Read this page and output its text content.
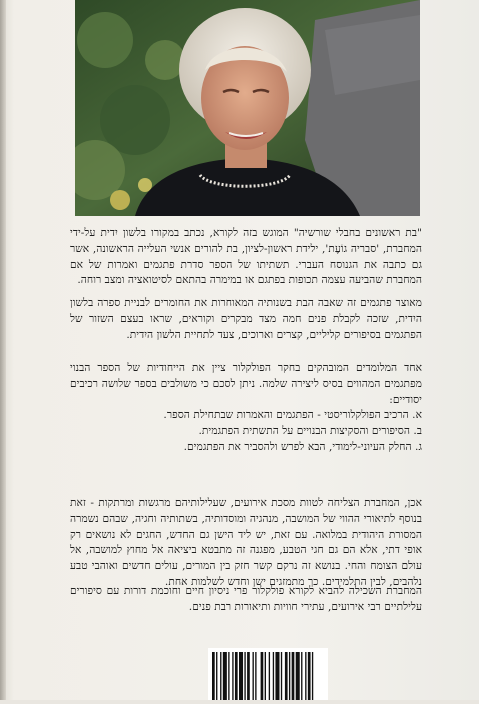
"בת ראשונים בחבלי שורשיה" המוגש בזה לקורא, נכתב במקורו בלשון יִדית על-ידי המחברת, 'סבריה גוֹעֶת', ילידת ראשון-לציון, בת להורים אנשי העלייה הראשונה, אשר גם כתבה את הגנוסח העברי. תשתיתו של הספר סדרת פתגמים ואמרות של אם המחברת שהביעה עצמה תכופות בפתגם או במימרה בהתאם לסיטואציה ומצב רוחה.

מאוצר פתגמים זה שאבה הבת בשנותיה המאוחרות את החומרים לבניית ספרה בלשון היִדית, שזכה לקבלת פנים חמה מצד מבקרים וקוראים, שראו בעצם השזור של הפתגמים בסיפורים קליליים, קצרים וארוכים, צעד לתחיית הלשון היִדית.

אחד המלומדים המובהקים בחקר הפולקלור ציין את הייחודיות של הספר הבנוי מפתגמים המהווים בסיס ליצירה שלמה. ניתן לסכם כי משולבים בספר שלושה רכיבים יסודיים:

א. הרכיב הפולקלוריסטי - הפתגמים והאמרות שבתחילת הספר.

ב. הסיפורים והסקיצות הבנויים על התשתית הפתגמית.

ג. החלק העיוני-לימודי, הבא לפרש ולהסביר את הפתגמים.

אכן, המחברת הצליחה לטוות מסכת אירועים, שעלילותיהם מרגשות ומרתקות - זאת בנוסף לתיאורי ההווי של המושבה, מנהגיה ומוסדותיה, בשתותיה וחגיה, שבהם נשמרה המסורת היהודית במלואה. עם זאת, יש ליד הישן גם החדש, החגים לא נושאים רק אופי דתי, אלא הם גם חגי הטבע, מפגנה זה מתבטא ביציאה אל מחוץ למושבה, אל עולם הצומח והחי. בנושא זה נרקם קשר חזק בין המורים, עולים חדשים ואוהבי טבע נלהבים, לבין התלמידים. כך מתמזגים ישן וחדש לשלמות אחת.

המחברת השכילה להביא לקורא פולקלור פרי ניסיון חיים וחוכמת דורות עם סיפורים עלילתיים רבי אירועים, עתירי חוויות ותיאורות רבת פנים.
